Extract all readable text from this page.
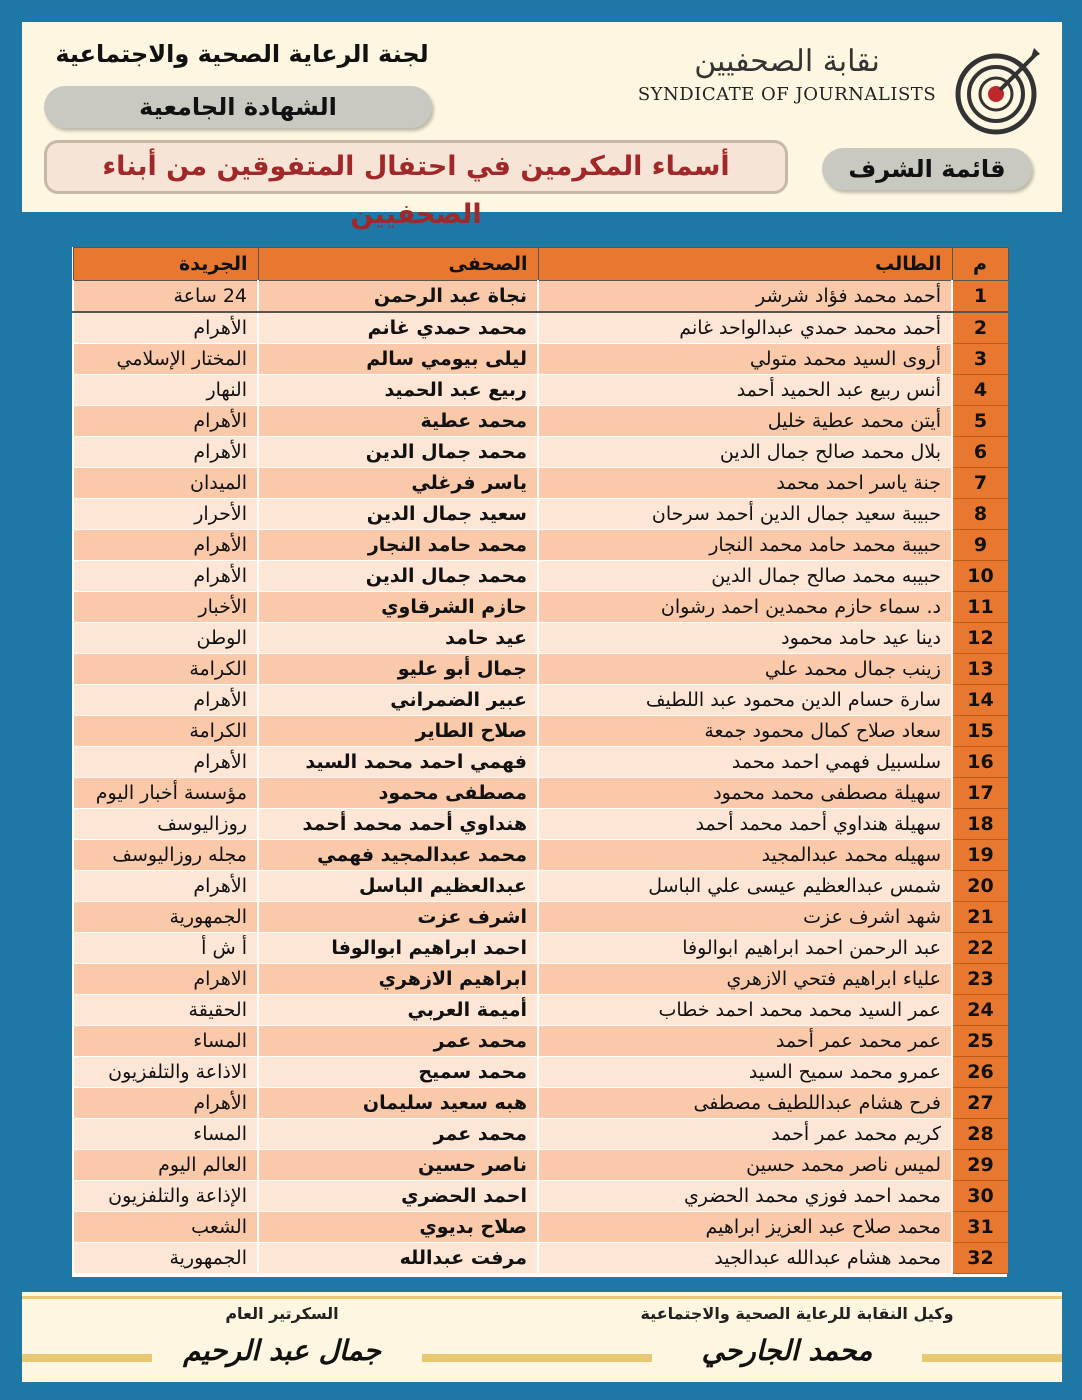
لجنة الرعاية الصحية والاجتماعية
الشهادة الجامعية
أسماء المكرمين في احتفال المتفوقين من أبناء الصحفيين
نقابة الصحفيين
SYNDICATE OF JOURNALISTS
قائمة الشرف
م	الطالب	الصحفى	الجريدة
1	أحمد محمد فؤاد شرشر	نجاة عبد الرحمن	24 ساعة
2	أحمد محمد حمدي عبدالواحد غانم	محمد حمدي غانم	الأهرام
3	أروى السيد محمد متولي	ليلى بيومي سالم	المختار الإسلامي
4	أنس ربيع عبد الحميد أحمد	ربيع عبد الحميد	النهار
5	أيتن محمد عطية خليل	محمد عطية	الأهرام
6	بلال محمد صالح جمال الدين	محمد جمال الدين	الأهرام
7	جنة ياسر احمد محمد	ياسر فرغلي	الميدان
8	حبيبة سعيد جمال الدين أحمد سرحان	سعيد جمال الدين	الأحرار
9	حبيبة محمد حامد محمد النجار	محمد حامد النجار	الأهرام
10	حبيبه محمد صالح جمال الدين	محمد جمال الدين	الأهرام
11	د. سماء حازم محمدين احمد رشوان	حازم الشرقاوي	الأخبار
12	دينا عيد حامد محمود	عيد حامد	الوطن
13	زينب جمال محمد علي	جمال أبو عليو	الكرامة
14	سارة حسام الدين محمود عبد اللطيف	عبير الضمراني	الأهرام
15	سعاد صلاح كمال محمود جمعة	صلاح الطاير	الكرامة
16	سلسبيل فهمي احمد محمد	فهمي احمد محمد السيد	الأهرام
17	سهيلة مصطفى محمد محمود	مصطفى محمود	مؤسسة أخبار اليوم
18	سهيلة هنداوي أحمد محمد أحمد	هنداوي أحمد محمد أحمد	روزاليوسف
19	سهيله محمد عبدالمجيد	محمد عبدالمجيد فهمي	مجله روزاليوسف
20	شمس عبدالعظيم عيسى علي الباسل	عبدالعظيم الباسل	الأهرام
21	شهد اشرف عزت	اشرف عزت	الجمهورية
22	عبد الرحمن احمد ابراهيم ابوالوفا	احمد ابراهيم ابوالوفا	أ ش أ
23	علياء ابراهيم فتحي الازهري	ابراهيم الازهري	الاهرام
24	عمر السيد محمد محمد احمد خطاب	أميمة العربي	الحقيقة
25	عمر محمد عمر أحمد	محمد عمر	المساء
26	عمرو محمد سميح السيد	محمد سميح	الاذاعة والتلفزيون
27	فرح هشام عبداللطيف مصطفى	هبه سعيد سليمان	الأهرام
28	كريم محمد عمر أحمد	محمد عمر	المساء
29	لميس ناصر محمد حسين	ناصر حسين	العالم اليوم
30	محمد احمد فوزي محمد الحضري	احمد الحضري	الإذاعة والتلفزيون
31	محمد صلاح عبد العزيز ابراهيم	صلاح بديوي	الشعب
32	محمد هشام عبدالله عبدالجيد	مرفت عبدالله	الجمهورية
وكيل النقابة للرعاية الصحية والاجتماعية
السكرتير العام
محمد الجارحي
جمال عبد الرحيم
